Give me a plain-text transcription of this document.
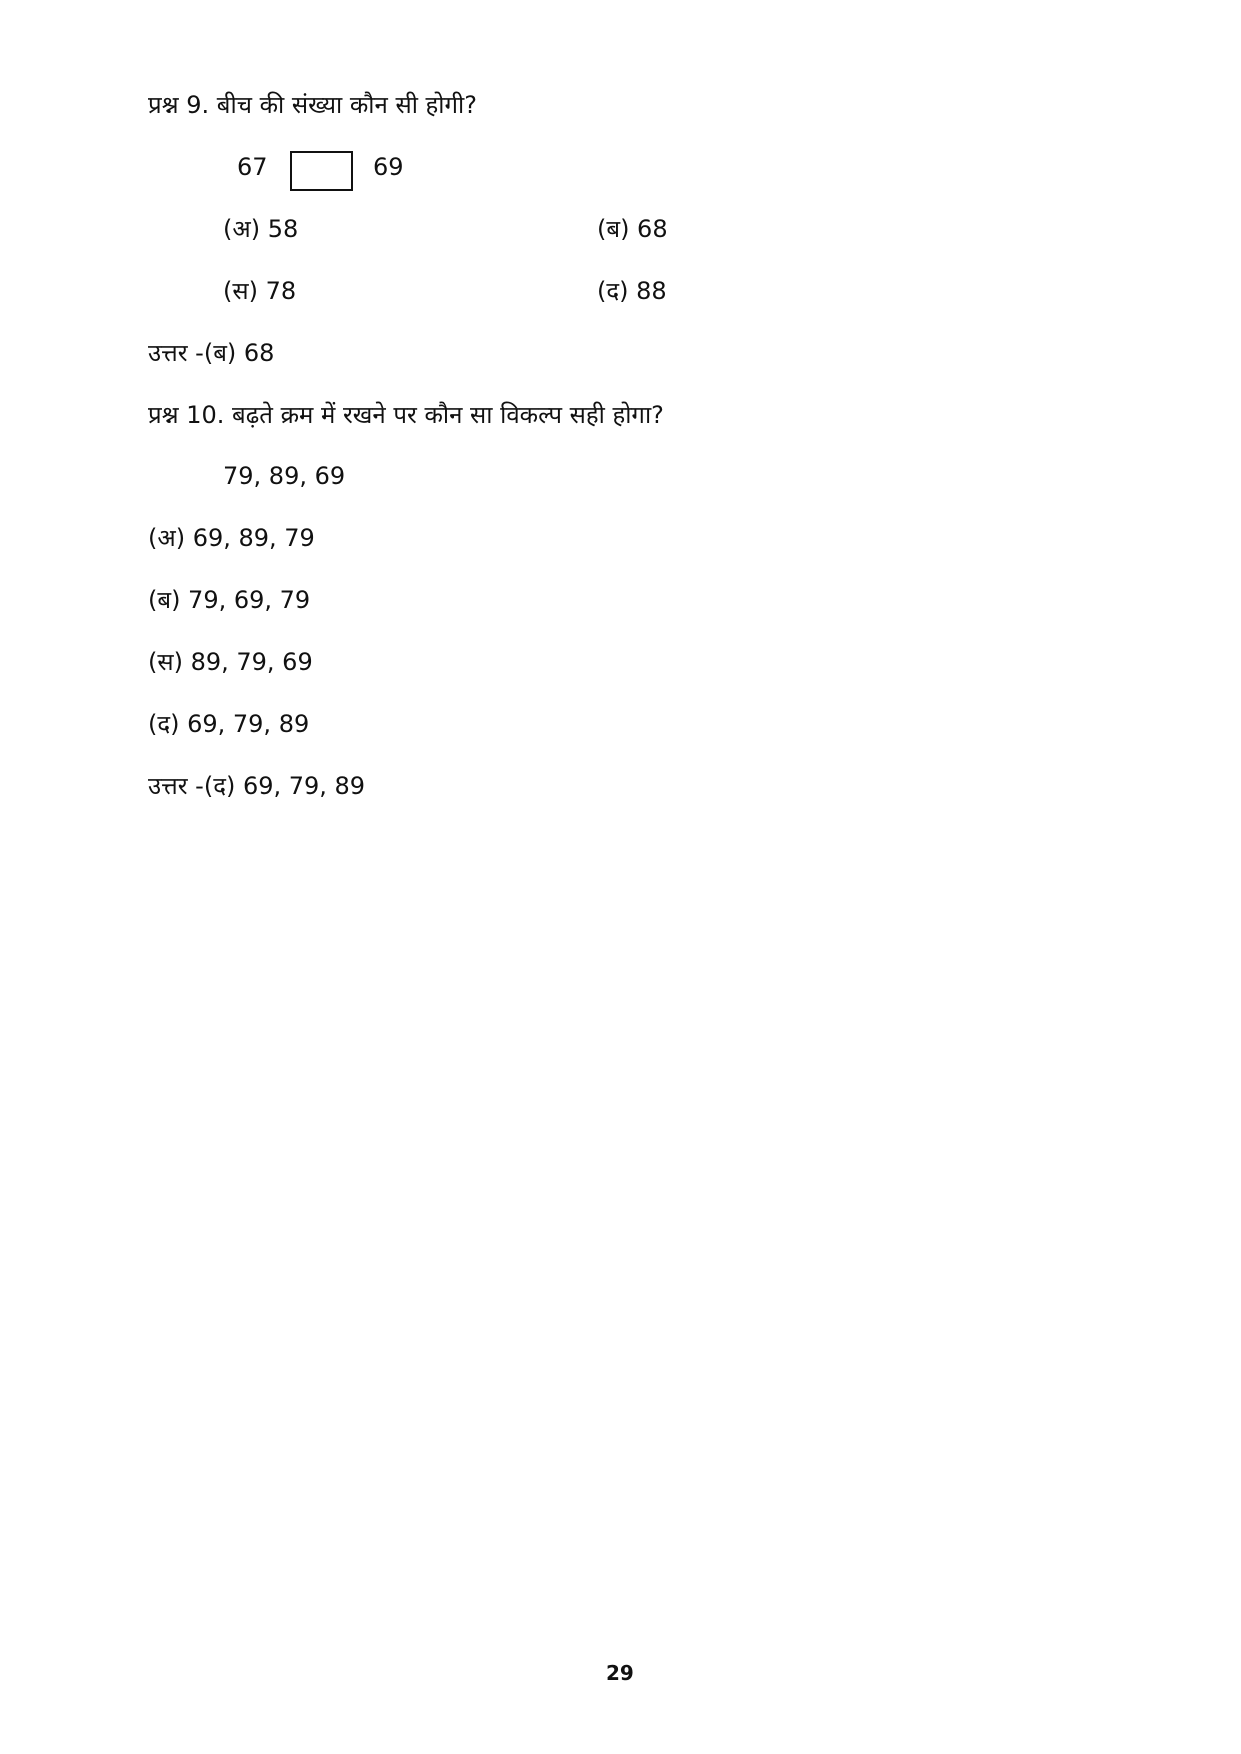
प्रश्न 9. बीच की संख्या कौन सी होगी?
67	69
(अ) 58	(ब) 68
(स) 78	(द) 88
उत्तर -(ब) 68
प्रश्न 10. बढ़ते क्रम में रखने पर कौन सा विकल्प सही होगा?
79, 89, 69
(अ) 69, 89, 79
(ब) 79, 69, 79
(स) 89, 79, 69
(द) 69, 79, 89
उत्तर -(द) 69, 79, 89
29
